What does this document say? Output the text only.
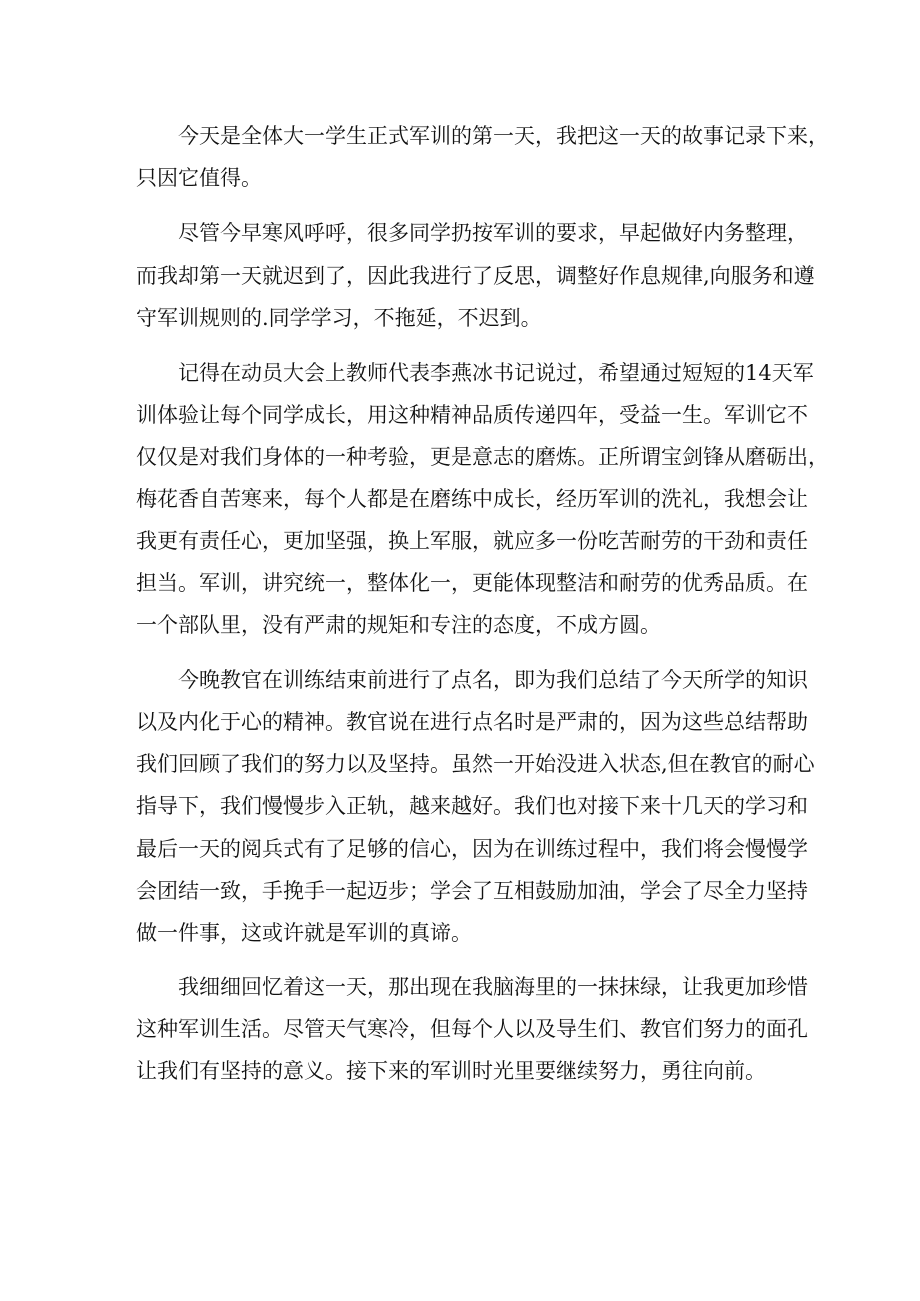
今天是全体大一学生正式军训的第一天，我把这一天的故事记录下来，
只因它值得。
尽管今早寒风呼呼，很多同学扔按军训的要求，早起做好内务整理，
而我却第一天就迟到了，因此我进行了反思，调整好作息规律,向服务和遵
守军训规则的.同学学习，不拖延，不迟到。
记得在动员大会上教师代表李燕冰书记说过，希望通过短短的14天军
训体验让每个同学成长，用这种精神品质传递四年，受益一生。军训它不
仅仅是对我们身体的一种考验，更是意志的磨炼。正所谓宝剑锋从磨砺出，
梅花香自苦寒来，每个人都是在磨练中成长，经历军训的洗礼，我想会让
我更有责任心，更加坚强，换上军服，就应多一份吃苦耐劳的干劲和责任
担当。军训，讲究统一，整体化一，更能体现整洁和耐劳的优秀品质。在
一个部队里，没有严肃的规矩和专注的态度，不成方圆。
今晚教官在训练结束前进行了点名，即为我们总结了今天所学的知识
以及内化于心的精神。教官说在进行点名时是严肃的，因为这些总结帮助
我们回顾了我们的努力以及坚持。虽然一开始没进入状态,但在教官的耐心
指导下，我们慢慢步入正轨，越来越好。我们也对接下来十几天的学习和
最后一天的阅兵式有了足够的信心，因为在训练过程中，我们将会慢慢学
会团结一致，手挽手一起迈步；学会了互相鼓励加油，学会了尽全力坚持
做一件事，这或许就是军训的真谛。
我细细回忆着这一天，那出现在我脑海里的一抹抹绿，让我更加珍惜
这种军训生活。尽管天气寒冷，但每个人以及导生们、教官们努力的面孔
让我们有坚持的意义。接下来的军训时光里要继续努力，勇往向前。
